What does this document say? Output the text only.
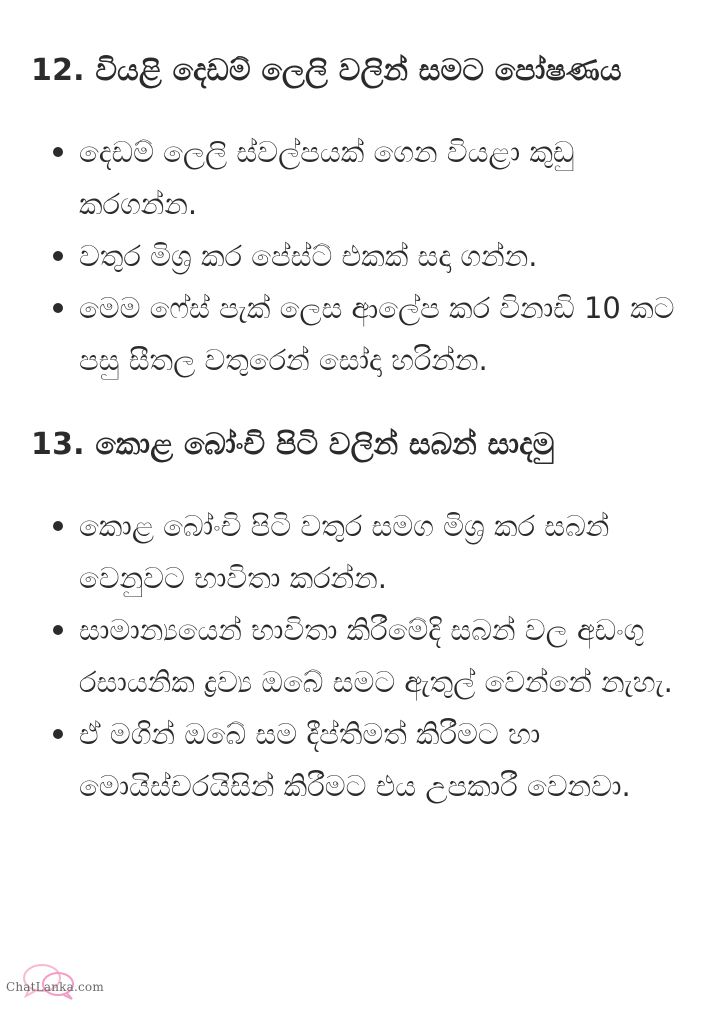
12. වියළි දෙඩම් ලෙලි වලින් සමට පෝෂණය
දෙඩම් ලෙලි ස්වල්පයක් ගෙන වියළා කුඩු කරගන්න.
වතුර මිශ්‍ර කර පේස්ට් එකක් සදා ගන්න.
මෙම ෆේස් පැක් ලෙස ආලේප කර විනාඩි 10 කට පසු සීතල වතුරෙන් සෝදා හරින්න.
13. කොළ බෝංචි පිටි වලින් සබන් සාදමු
කොළ බෝංචි පිටි වතුර සමග මිශ්‍ර කර සබන් වෙනුවට භාවිතා කරන්න.
සාමාන්‍යයෙන් භාවිතා කිරීමේදි සබන් වල අඩංගු රසායනික ද්‍රව්‍ය ඔබේ සමට ඇතුල් වෙන්නේ නැහැ.
ඒ මගින් ඔබේ සම දීප්තිමත් කිරීමට හා මොයිස්චරයිසින් කිරීමට එය උපකාරී වෙනවා.
ChatLanka.com
